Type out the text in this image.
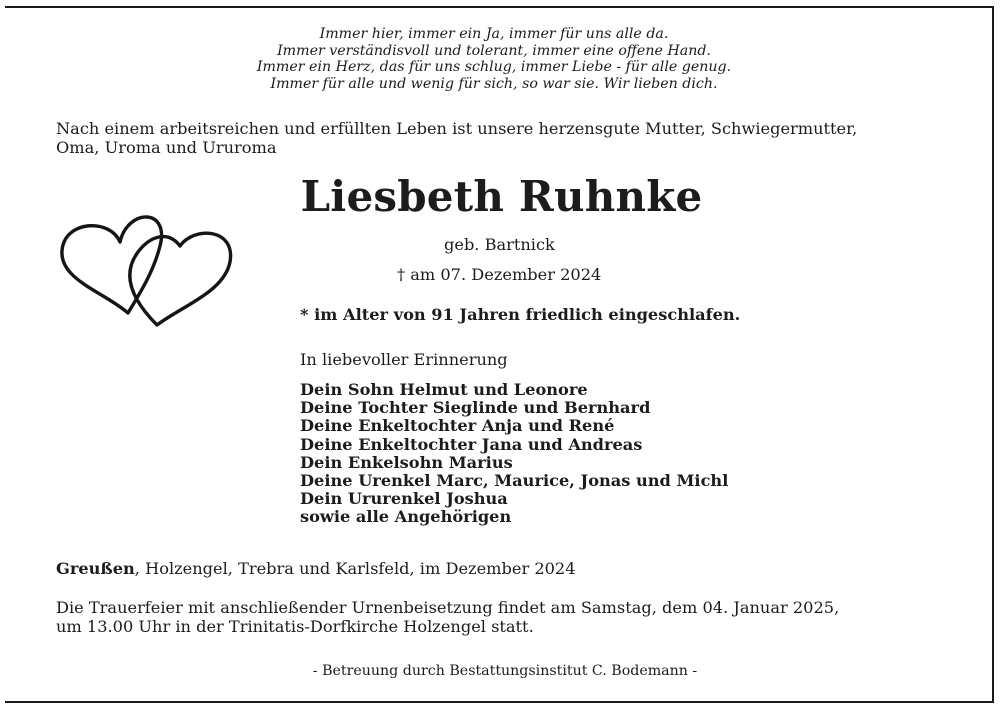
Immer hier, immer ein Ja, immer für uns alle da.
Immer verständisvoll und tolerant, immer eine offene Hand.
Immer ein Herz, das für uns schlug, immer Liebe - für alle genug.
Immer für alle und wenig für sich, so war sie. Wir lieben dich.
Nach einem arbeitsreichen und erfüllten Leben ist unsere herzensgute Mutter, Schwiegermutter,
Oma, Uroma und Ururoma
Liesbeth Ruhnke
geb. Bartnick
† am 07. Dezember 2024
* im Alter von 91 Jahren friedlich eingeschlafen.
In liebevoller Erinnerung
Dein Sohn Helmut und Leonore
Deine Tochter Sieglinde und Bernhard
Deine Enkeltochter Anja und René
Deine Enkeltochter Jana und Andreas
Dein Enkelsohn Marius
Deine Urenkel Marc, Maurice, Jonas und Michl
Dein Ururenkel Joshua
sowie alle Angehörigen
Greußen, Holzengel, Trebra und Karlsfeld, im Dezember 2024
Die Trauerfeier mit anschließender Urnenbeisetzung findet am Samstag, dem 04. Januar 2025,
um 13.00 Uhr in der Trinitatis-Dorfkirche Holzengel statt.
- Betreuung durch Bestattungsinstitut C. Bodemann -
